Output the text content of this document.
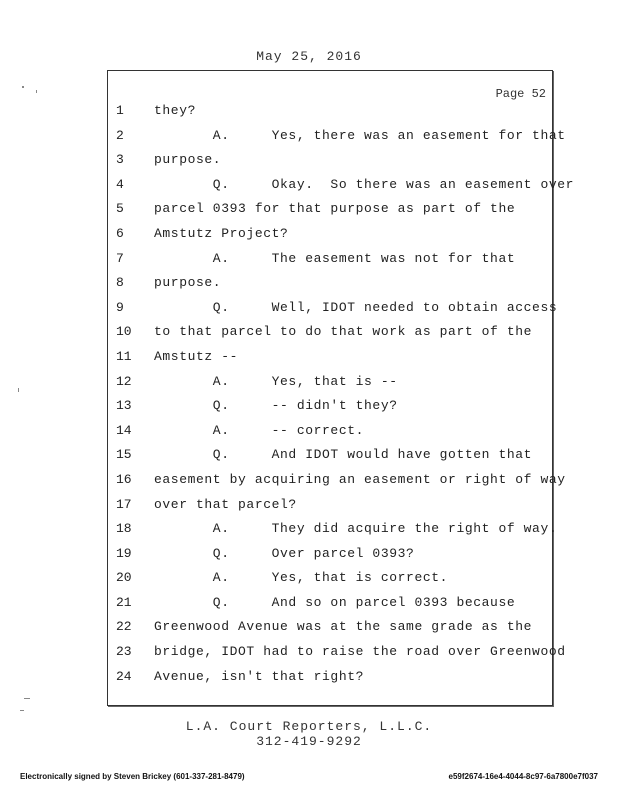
May 25, 2016
Page 52
1	they?
2	A.     Yes, there was an easement for that
3	purpose.
4	Q.     Okay.  So there was an easement over
5	parcel 0393 for that purpose as part of the
6	Amstutz Project?
7	A.     The easement was not for that
8	purpose.
9	Q.     Well, IDOT needed to obtain access
10	to that parcel to do that work as part of the
11	Amstutz --
12	A.     Yes, that is --
13	Q.     -- didn't they?
14	A.     -- correct.
15	Q.     And IDOT would have gotten that
16	easement by acquiring an easement or right of way
17	over that parcel?
18	A.     They did acquire the right of way.
19	Q.     Over parcel 0393?
20	A.     Yes, that is correct.
21	Q.     And so on parcel 0393 because
22	Greenwood Avenue was at the same grade as the
23	bridge, IDOT had to raise the road over Greenwood
24	Avenue, isn't that right?
L.A. Court Reporters, L.L.C.
312-419-9292
Electronically signed by Steven Brickey (601-337-281-8479)	e59f2674-16e4-4044-8c97-6a7800e7f037
